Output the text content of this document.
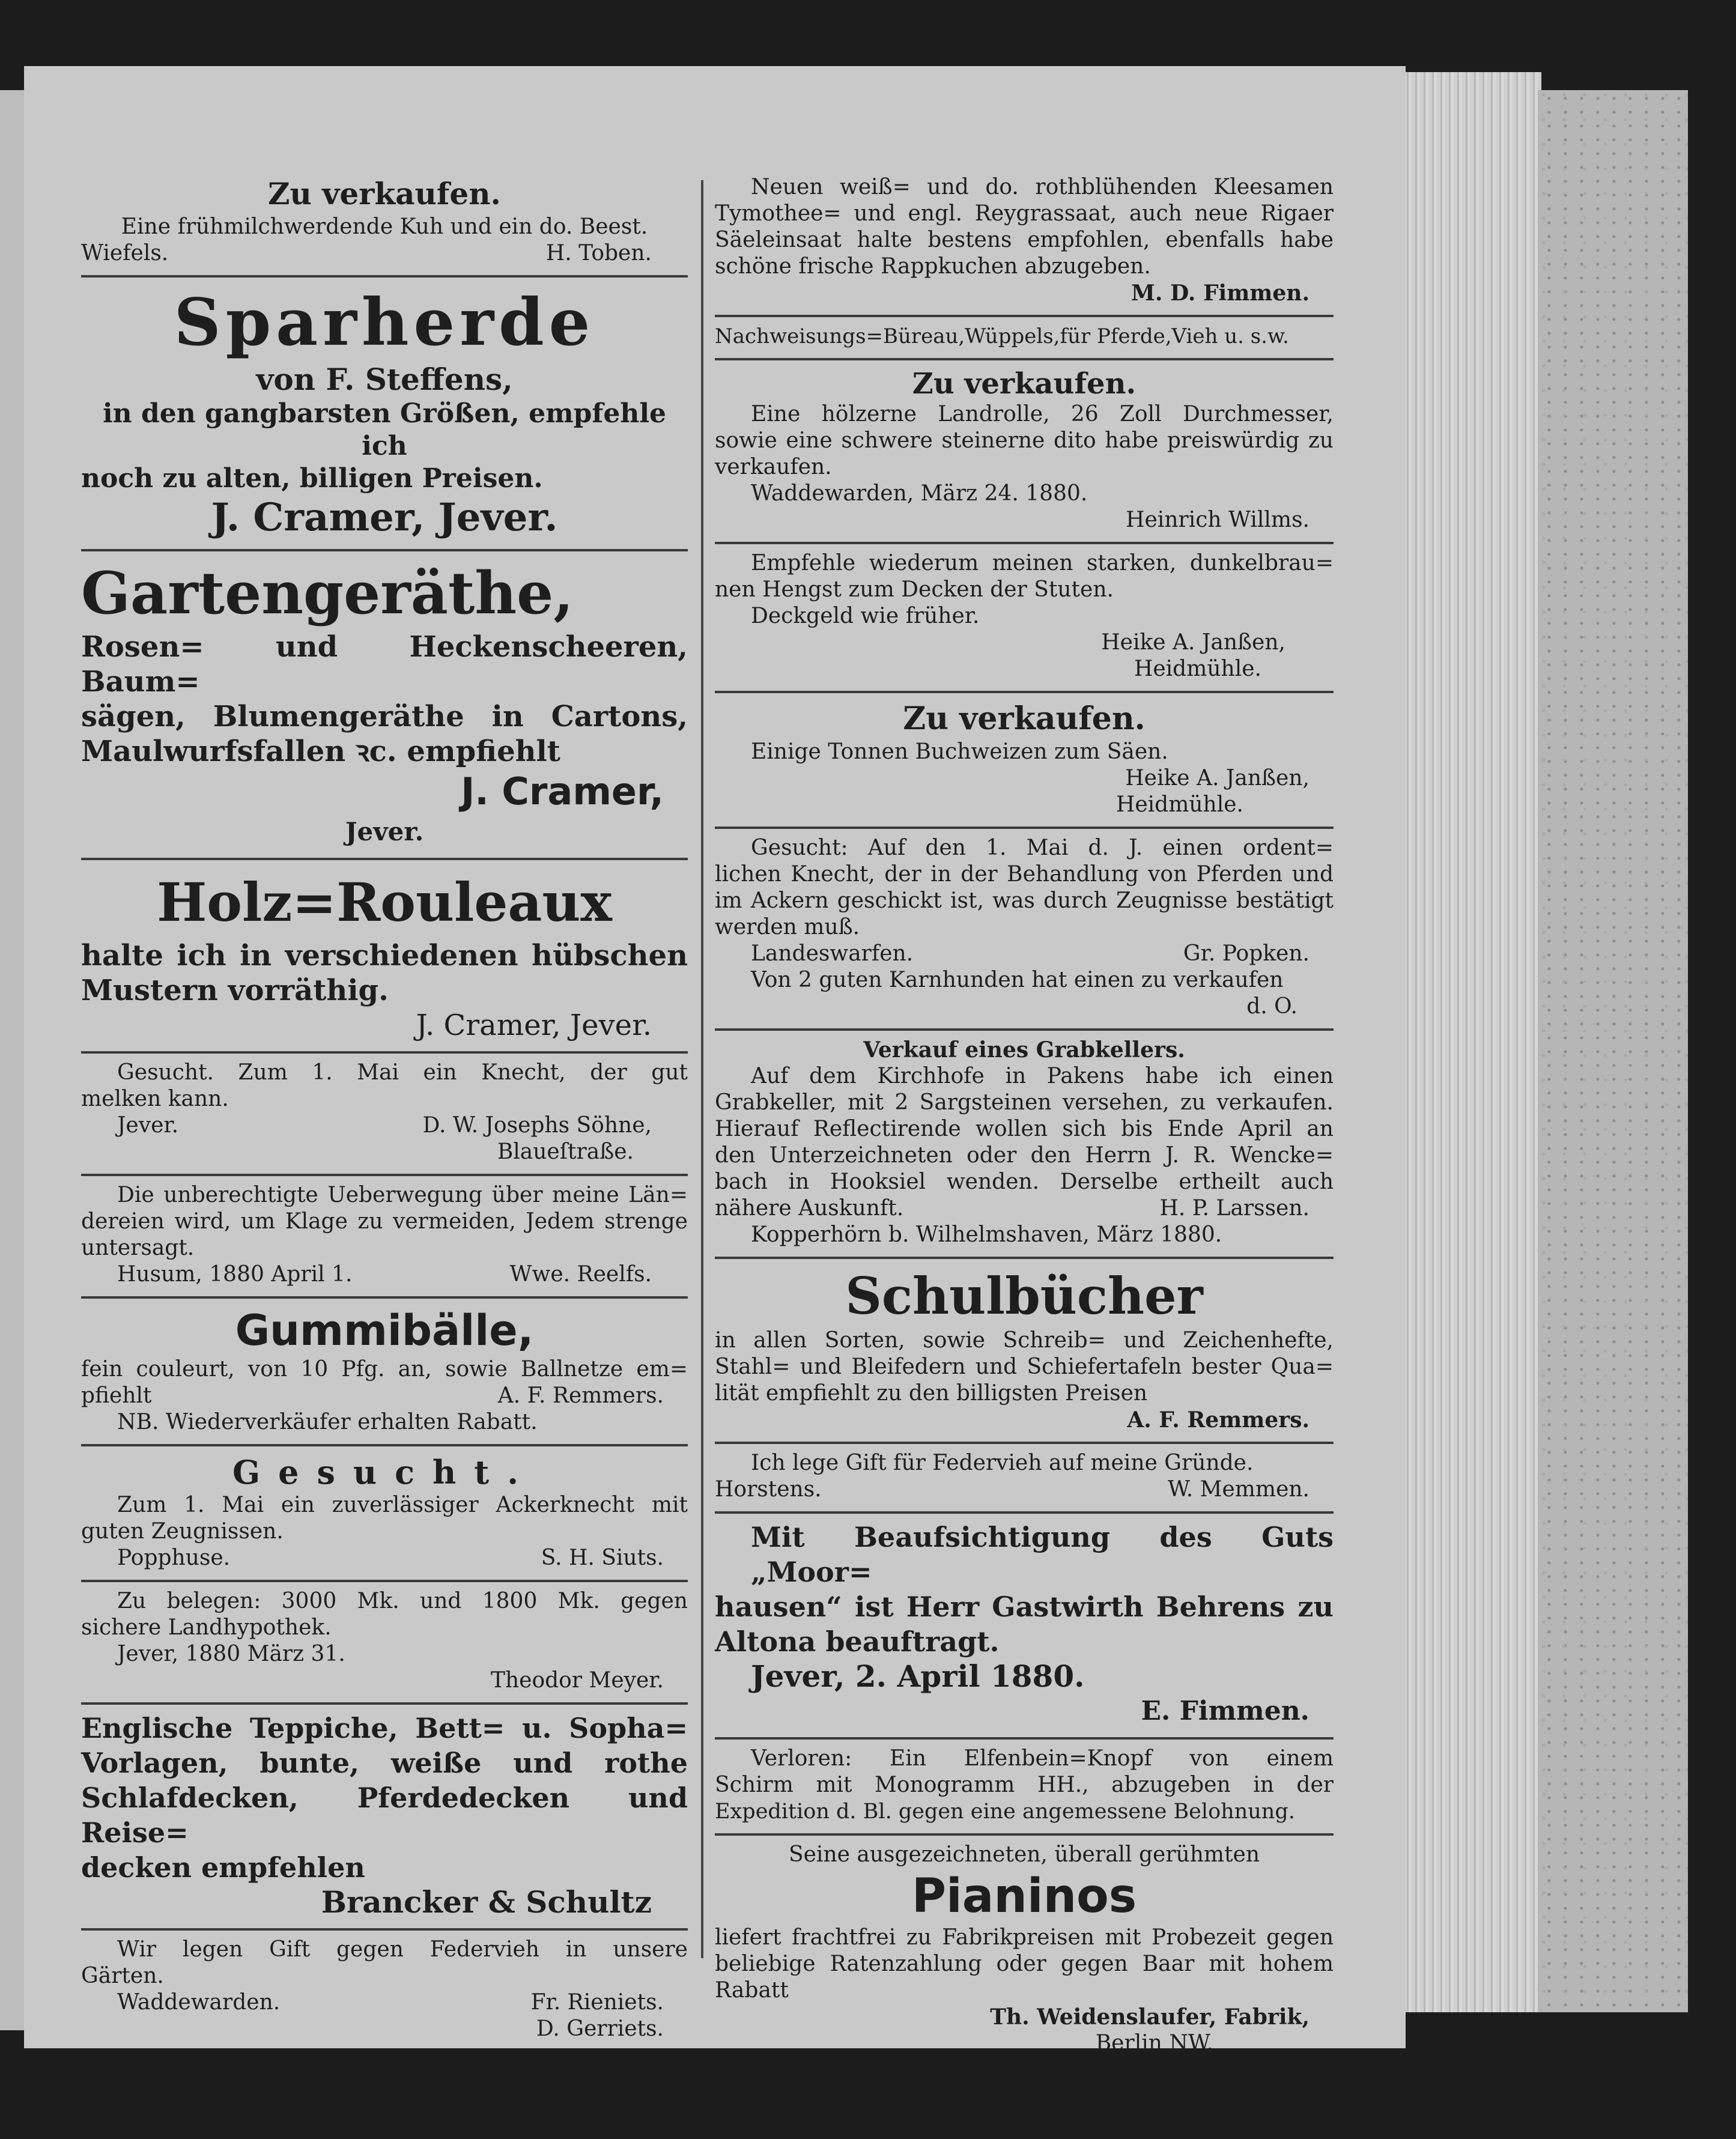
Zu verkaufen.
Eine frühmilchwerdende Kuh und ein do. Beest.
Wiefels.	H. Toben.
Sparherde
von F. Steffens,
in den gangbarsten Größen, empfehle ich
noch zu alten, billigen Preisen.
J. Cramer, Jever.
Gartengeräthe,
Rosen= und Heckenscheeren, Baum=
sägen, Blumengeräthe in Cartons,
Maulwurfsfallen ꝛc. empfiehlt
J. Cramer,
Jever.
Holz=Rouleaux
halte ich in verschiedenen hübschen
Mustern vorräthig.
J. Cramer, Jever.
Gesucht. Zum 1. Mai ein Knecht, der gut
melken kann.
Jever.	D. W. Josephs Söhne,
Blaueſtraße.
Die unberechtigte Ueberwegung über meine Län=
dereien wird, um Klage zu vermeiden, Jedem strenge
untersagt.
Husum, 1880 April 1.	Wwe. Reelfs.
Gummibälle,
fein couleurt, von 10 Pfg. an, sowie Ballnetze em=
pfiehlt	A. F. Remmers.
NB. Wiederverkäufer erhalten Rabatt.
Gesucht.
Zum 1. Mai ein zuverlässiger Ackerknecht mit
guten Zeugnissen.
Popphuse.	S. H. Siuts.
Zu belegen: 3000 Mk. und 1800 Mk. gegen
sichere Landhypothek.
Jever, 1880 März 31.
Theodor Meyer.
Englische Teppiche, Bett= u. Sopha=
Vorlagen, bunte, weiße und rothe
Schlafdecken, Pferdedecken und Reise=
decken empfehlen
Brancker & Schultz
Wir legen Gift gegen Federvieh in unsere
Gärten.
Waddewarden.	Fr. Rieniets.
D. Gerriets.
Neuen weiß= und do. rothblühenden Kleesamen
Tymothee= und engl. Reygrassaat, auch neue Rigaer
Säeleinsaat halte bestens empfohlen, ebenfalls habe
schöne frische Rappkuchen abzugeben.
M. D. Fimmen.
Nachweisungs=Büreau,Wüppels,für Pferde,Vieh u. s.w.
Zu verkaufen.
Eine hölzerne Landrolle, 26 Zoll Durchmesser,
sowie eine schwere steinerne dito habe preiswürdig zu
verkaufen.
Waddewarden, März 24. 1880.
Heinrich Willms.
Empfehle wiederum meinen starken, dunkelbrau=
nen Hengst zum Decken der Stuten.
Deckgeld wie früher.
Heike A. Janßen,
Heidmühle.
Zu verkaufen.
Einige Tonnen Buchweizen zum Säen.
Heike A. Janßen,
Heidmühle.
Gesucht: Auf den 1. Mai d. J. einen ordent=
lichen Knecht, der in der Behandlung von Pferden und
im Ackern geschickt ist, was durch Zeugnisse bestätigt
werden muß.
Landeswarfen.	Gr. Popken.
Von 2 guten Karnhunden hat einen zu verkaufen
d. O.
Verkauf eines Grabkellers.
Auf dem Kirchhofe in Pakens habe ich einen
Grabkeller, mit 2 Sargsteinen versehen, zu verkaufen.
Hierauf Reflectirende wollen sich bis Ende April an
den Unterzeichneten oder den Herrn J. R. Wencke=
bach in Hooksiel wenden. Derselbe ertheilt auch
nähere Auskunft.	H. P. Larssen.
Kopperhörn b. Wilhelmshaven, März 1880.
Schulbücher
in allen Sorten, sowie Schreib= und Zeichenhefte,
Stahl= und Bleifedern und Schiefertafeln bester Qua=
lität empfiehlt zu den billigsten Preisen
A. F. Remmers.
Ich lege Gift für Federvieh auf meine Gründe.
Horstens.	W. Memmen.
Mit Beaufsichtigung des Guts „Moor=
hausen“ ist Herr Gastwirth Behrens zu
Altona beauftragt.
Jever, 2. April 1880.
E. Fimmen.
Verloren: Ein Elfenbein=Knopf von einem
Schirm mit Monogramm HH., abzugeben in der
Expedition d. Bl. gegen eine angemessene Belohnung.
Seine ausgezeichneten, überall gerühmten
Pianinos
liefert frachtfrei zu Fabrikpreisen mit Probezeit gegen
beliebige Ratenzahlung oder gegen Baar mit hohem
Rabatt
Th. Weidenslaufer, Fabrik,
Berlin NW.
